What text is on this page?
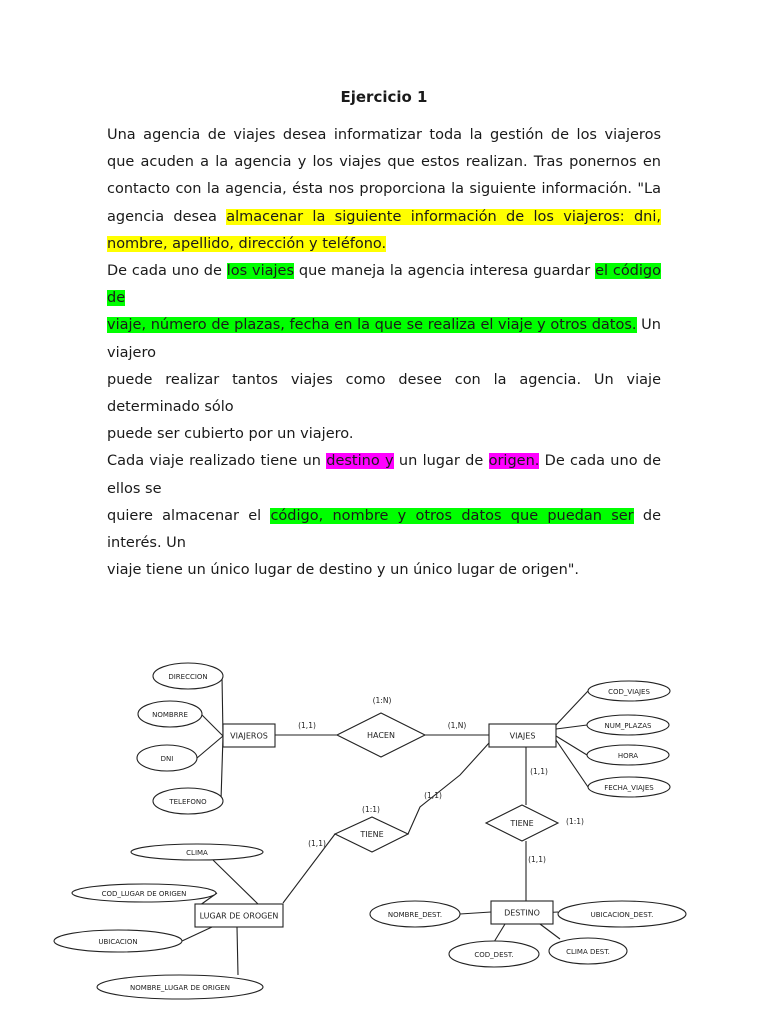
Ejercicio 1

Una agencia de viajes desea informatizar toda la gestión de los viajeros que acuden a la agencia y los viajes que estos realizan. Tras ponernos en contacto con la agencia, ésta nos proporciona la siguiente información. "La agencia desea almacenar la siguiente información de los viajeros: dni, nombre, apellido, dirección y teléfono.

De cada uno de los viajes que maneja la agencia interesa guardar el código de

viaje, número de plazas, fecha en la que se realiza el viaje y otros datos. Un viajero

puede realizar tantos viajes como desee con la agencia. Un viaje determinado sólo

puede ser cubierto por un viajero.

Cada viaje realizado tiene un destino y un lugar de origen. De cada uno de ellos se

quiere almacenar el código, nombre y otros datos que puedan ser de interés. Un

viaje tiene un único lugar de destino y un único lugar de origen".

VIAJEROS	VIAJES
LUGAR DE OROGEN	DESTINO
HACEN
TIENE
TIENE
DIRECCION
NOMBRRE
DNI
TELEFONO
COD_VIAJES
NUM_PLAZAS
HORA
FECHA_VIAJES
CLIMA
COD_LUGAR DE ORIGEN
UBICACION
NOMBRE_LUGAR DE ORIGEN
NOMBRE_DEST.	UBICACION_DEST.
COD_DEST.	CLIMA DEST.
(1:N)
(1,1)	(1,N)
(1:1)
(1,1)
(1,1)
(1,1)
(1:1)
(1,1)
